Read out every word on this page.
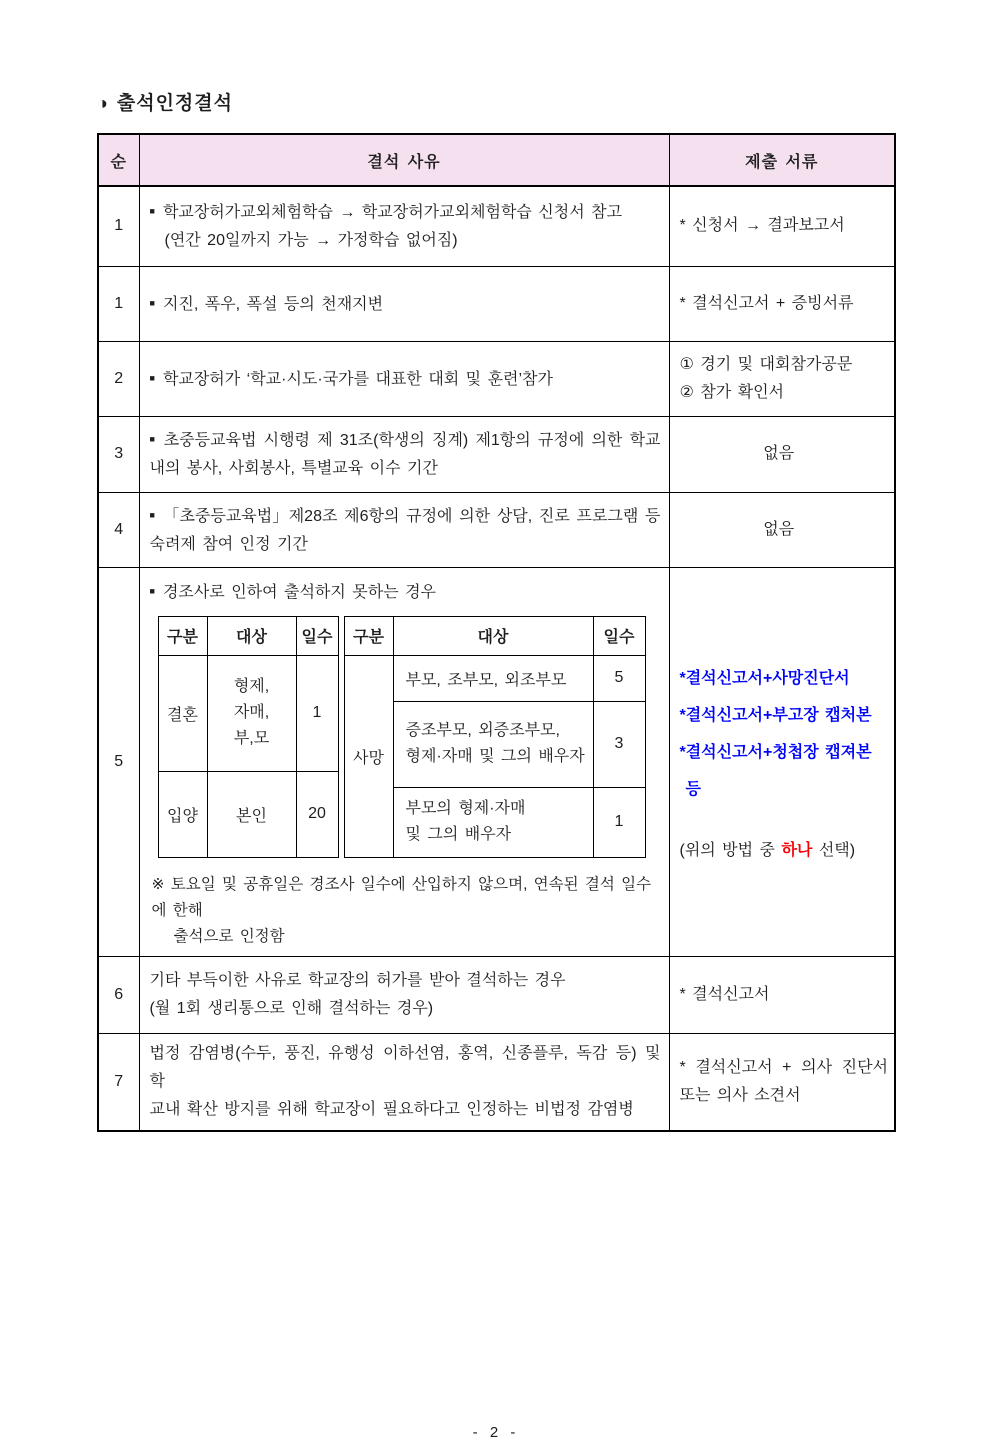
◑ 출석인정결석
순	결석 사유	제출 서류
1	
■ 학교장허가교외체험학습 → 학교장허가교외체험학습 신청서 참고
(연간 20일까지 가능 → 가정학습 없어짐)

* 신청서 → 결과보고서

1	■ 지진, 폭우, 폭설 등의 천재지변	* 결석신고서 + 증빙서류

2	■ 학교장허가 ‘학교·시도·국가를 대표한 대회 및 훈련’참가

① 경기 및 대회참가공문
② 참가 확인서

3	
■ 초중등교육법 시행령 제 31조(학생의 징계) 제1항의 규정에 의한 학교
내의 봉사, 사회봉사, 특별교육 이수 기간

없음

4	
■ 「초중등교육법」제28조 제6항의 규정에 의한 상담, 진로 프로그램 등
숙려제 참여 인정 기간

없음

5	
■ 경조사로 인하여 출석하지 못하는 경우
구분	대상	일수
결혼	
형제,
자매,
부,모
	1
입양	본인	20
구분	대상	일수
사망	부모, 조부모, 외조부모	5

증조부모, 외증조부모,
형제·자매 및 그의 배우자
	3

부모의 형제·자매
및 그의 배우자
	1
※ 토요일 및 공휴일은 경조사 일수에 산입하지 않으며, 연속된 결석 일수에 한해
출석으로 인정함

*결석신고서+사망진단서
*결석신고서+부고장 캡처본
*결석신고서+청첩장 캡져본
등
(위의 방법 중 하나 선택)

6	
기타 부득이한 사유로 학교장의 허가를 받아 결석하는 경우
(월 1회 생리통으로 인해 결석하는 경우)

* 결석신고서

7	
법정 감염병(수두, 풍진, 유행성 이하선염, 홍역, 신종플루, 독감 등) 및 학
교내 확산 방지를 위해 학교장이 필요하다고 인정하는 비법정 감염병

* 결석신고서 + 의사 진단서
또는 의사 소견서
- 2 -
